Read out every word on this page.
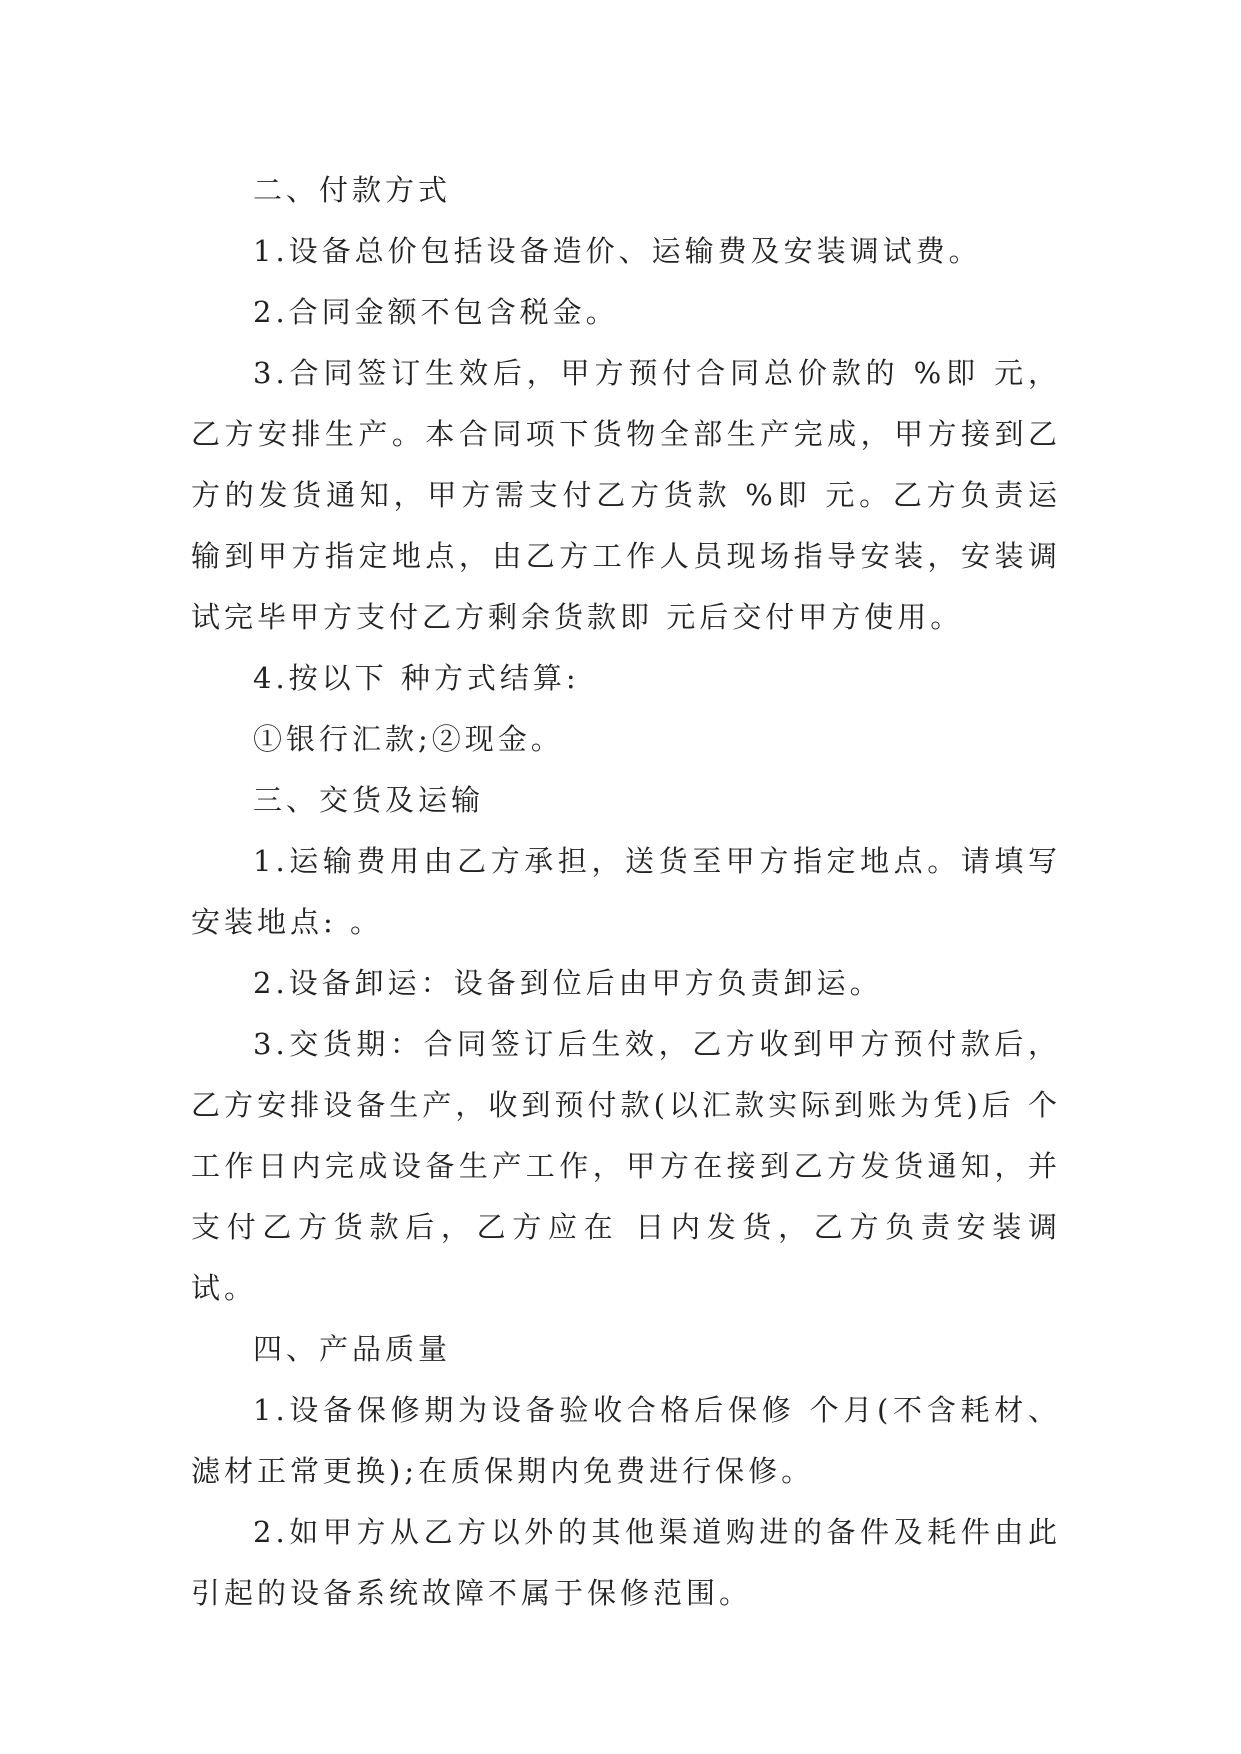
二、付款方式

1.设备总价包括设备造价、运输费及安装调试费。

2.合同金额不包含税金。

3.合同签订生效后，甲方预付合同总价款的 %即 元，乙方安排生产。本合同项下货物全部生产完成，甲方接到乙方的发货通知，甲方需支付乙方货款 %即 元。乙方负责运输到甲方指定地点，由乙方工作人员现场指导安装，安装调试完毕甲方支付乙方剩余货款即 元后交付甲方使用。

4.按以下 种方式结算:

①银行汇款;②现金。

三、交货及运输

1.运输费用由乙方承担，送货至甲方指定地点。请填写安装地点: 。

2.设备卸运：设备到位后由甲方负责卸运。

3.交货期：合同签订后生效，乙方收到甲方预付款后，乙方安排设备生产，收到预付款(以汇款实际到账为凭)后 个工作日内完成设备生产工作，甲方在接到乙方发货通知，并支付乙方货款后，乙方应在 日内发货，乙方负责安装调试。

四、产品质量

1.设备保修期为设备验收合格后保修 个月(不含耗材、滤材正常更换);在质保期内免费进行保修。

2.如甲方从乙方以外的其他渠道购进的备件及耗件由此引起的设备系统故障不属于保修范围。
